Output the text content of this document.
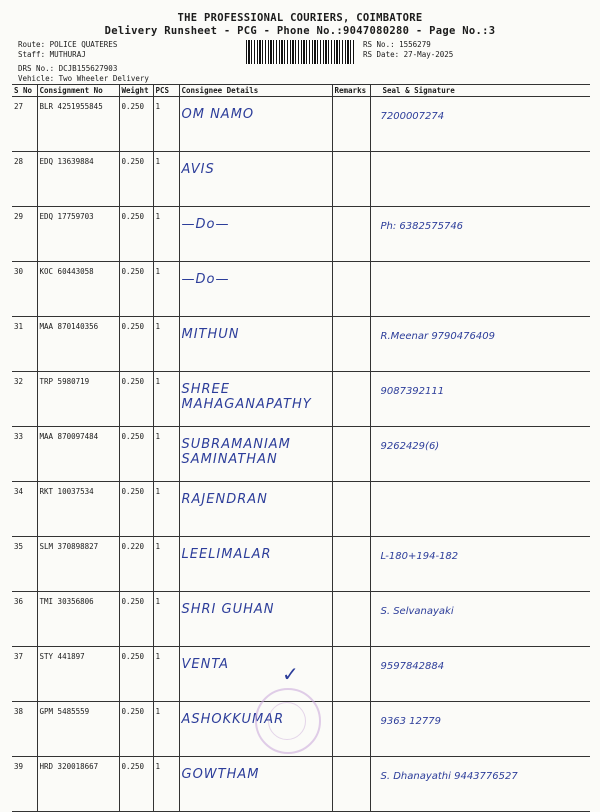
THE PROFESSIONAL COURIERS, COIMBATORE
Delivery Runsheet - PCG - Phone No.:9047080280 - Page No.:3
Route: POLICE QUATERES
Staff: MUTHURAJ
DRS No.: DCJB155627903
Vehicle: Two Wheeler Delivery
RS No.: 1556279
RS Date: 27-May-2025
S No	Consignment No	Weight	PCS	Consignee Details	Remarks	Seal & Signature
27	BLR 4251955845	0.250	1	OM NAMO		7200007274
28	EDQ 13639884	0.250	1	AVIS		
29	EDQ 17759703	0.250	1	—Do—		Ph: 6382575746
30	KOC 60443058	0.250	1	—Do—		
31	MAA 870140356	0.250	1	MITHUN		R.Meenar 9790476409
32	TRP 5980719	0.250	1	SHREE MAHAGANAPATHY		9087392111
33	MAA 870097484	0.250	1	SUBRAMANIAM SAMINATHAN		9262429(6)
34	RKT 10037534	0.250	1	RAJENDRAN		
35	SLM 370898827	0.220	1	LEELIMALAR		L-180+194-182
36	TMI 30356806	0.250	1	SHRI GUHAN		S. Selvanayaki
37	STY 441897	0.250	1	VENTA		9597842884
38	GPM 5485559	0.250	1	ASHOKKUMAR		9363 12779
39	HRD 320018667	0.250	1	GOWTHAM		S. Dhanayathi 9443776527
✓
